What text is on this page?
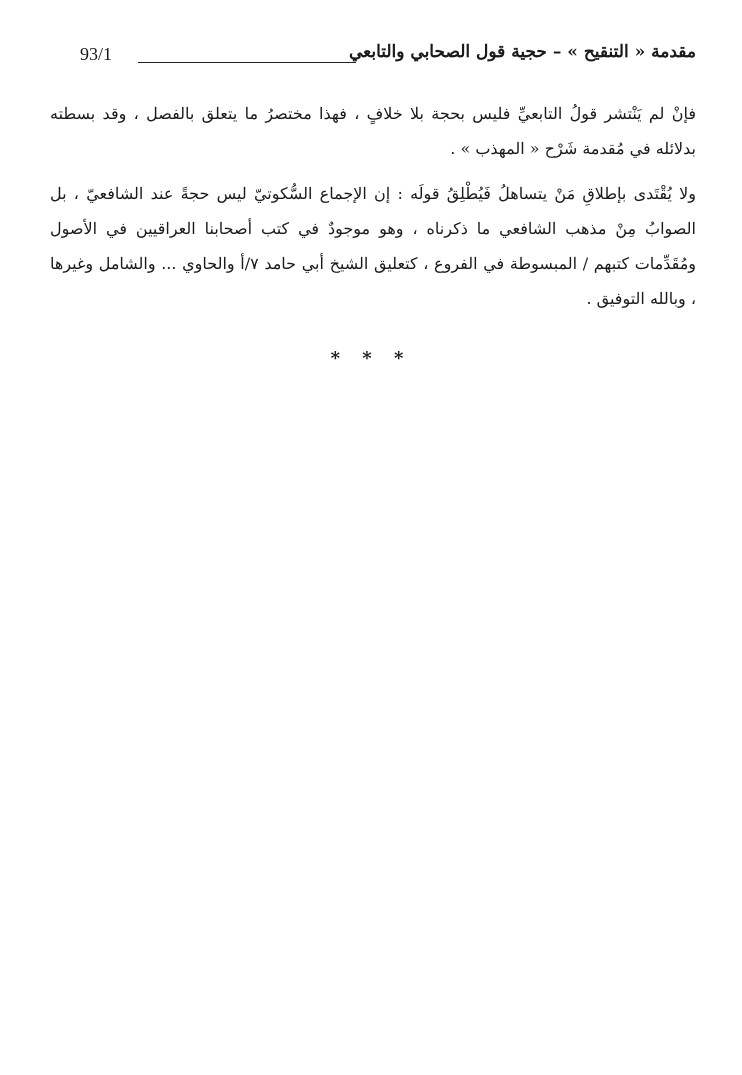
مقدمة « التنقيح » – حجية قول الصحابي والتابعي
93/1

فإنْ لم يَنْتشر قولُ التابعيِّ فليس بحجة بلا خلافٍ ، فهذا مختصرُ ما يتعلق بالفصل ، وقد بسطته بدلائله في مُقدمة شَرْح « المهذب » .

ولا يُقْتَدى بإطلاقِ مَنْ يتساهلُ فَيُطْلِقُ قولَه : إن الإجماع السُّكوتيّ ليس حجةً عند الشافعيّ ، بل الصوابُ مِنْ مذهب الشافعي ما ذكرناه ، وهو موجودٌ في كتب أصحابنا العراقيين في الأصول ومُقَدِّمات كتبهم / المبسوطة في الفروع ، كتعليق الشيخ أبي حامد ٧/أ والحاوي ... والشامل وغيرها ، وبالله التوفيق .

* * *
